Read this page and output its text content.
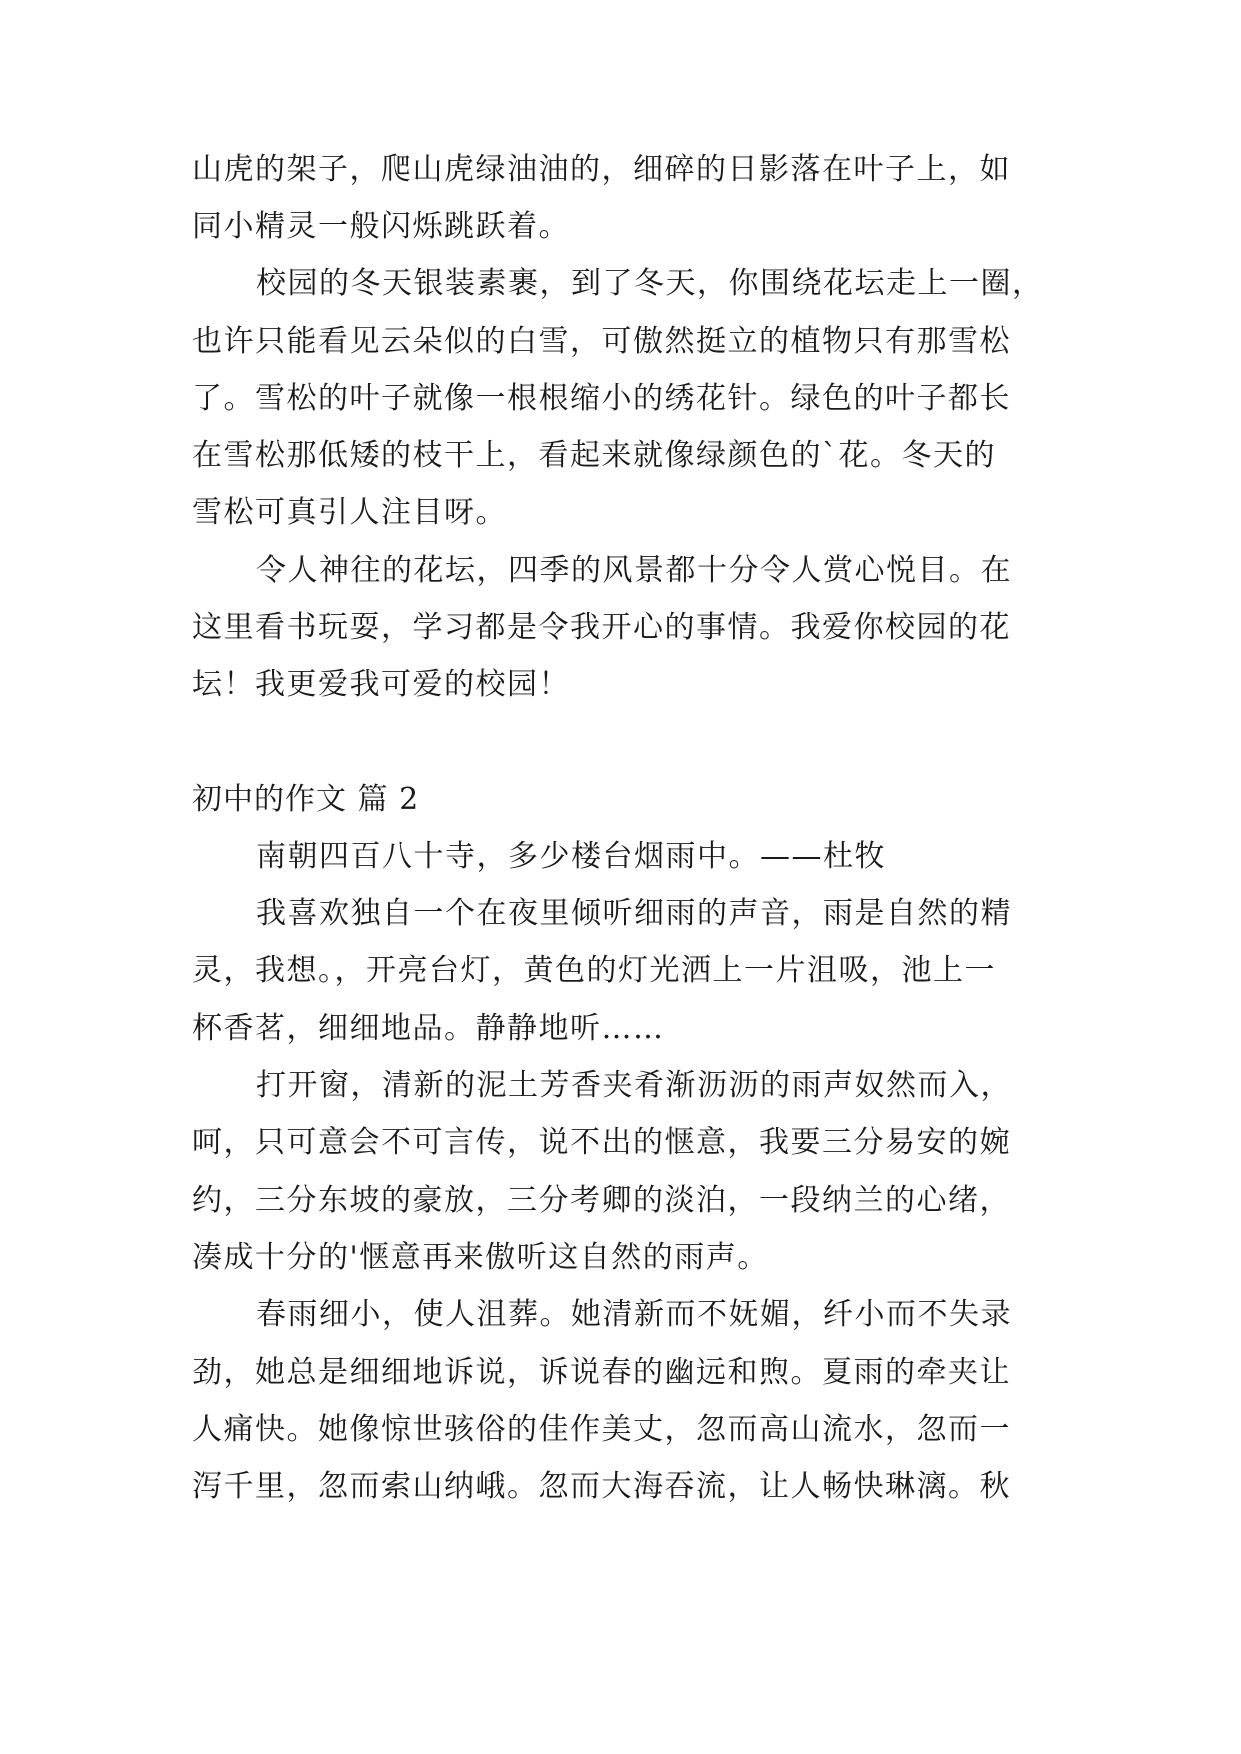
山虎的架子，爬山虎绿油油的，细碎的日影落在叶子上，如
同小精灵一般闪烁跳跃着。
校园的冬天银装素裹，到了冬天，你围绕花坛走上一圈，
也许只能看见云朵似的白雪，可傲然挺立的植物只有那雪松
了。雪松的叶子就像一根根缩小的绣花针。绿色的叶子都长
在雪松那低矮的枝干上，看起来就像绿颜色的`花。冬天的
雪松可真引人注目呀。
令人神往的花坛，四季的风景都十分令人赏心悦目。在
这里看书玩耍，学习都是令我开心的事情。我爱你校园的花
坛！我更爱我可爱的校园！
初中的作文 篇 2
南朝四百八十寺，多少楼台烟雨中。——杜牧
我喜欢独自一个在夜里倾听细雨的声音，雨是自然的精
灵，我想。，开亮台灯，黄色的灯光洒上一片沮吸，池上一
杯香茗，细细地品。静静地听……
打开窗，清新的泥土芳香夹肴渐沥沥的雨声奴然而入，
呵，只可意会不可言传，说不出的惬意，我要三分易安的婉
约，三分东坡的豪放，三分考卿的淡泊，一段纳兰的心绪，
凑成十分的'惬意再来傲听这自然的雨声。
春雨细小，使人沮葬。她清新而不妩媚，纤小而不失录
劲，她总是细细地诉说，诉说春的幽远和煦。夏雨的牵夹让
人痛快。她像惊世骇俗的佳作美丈，忽而高山流水，忽而一
泻千里，忽而索山纳峨。忽而大海吞流，让人畅快琳漓。秋
